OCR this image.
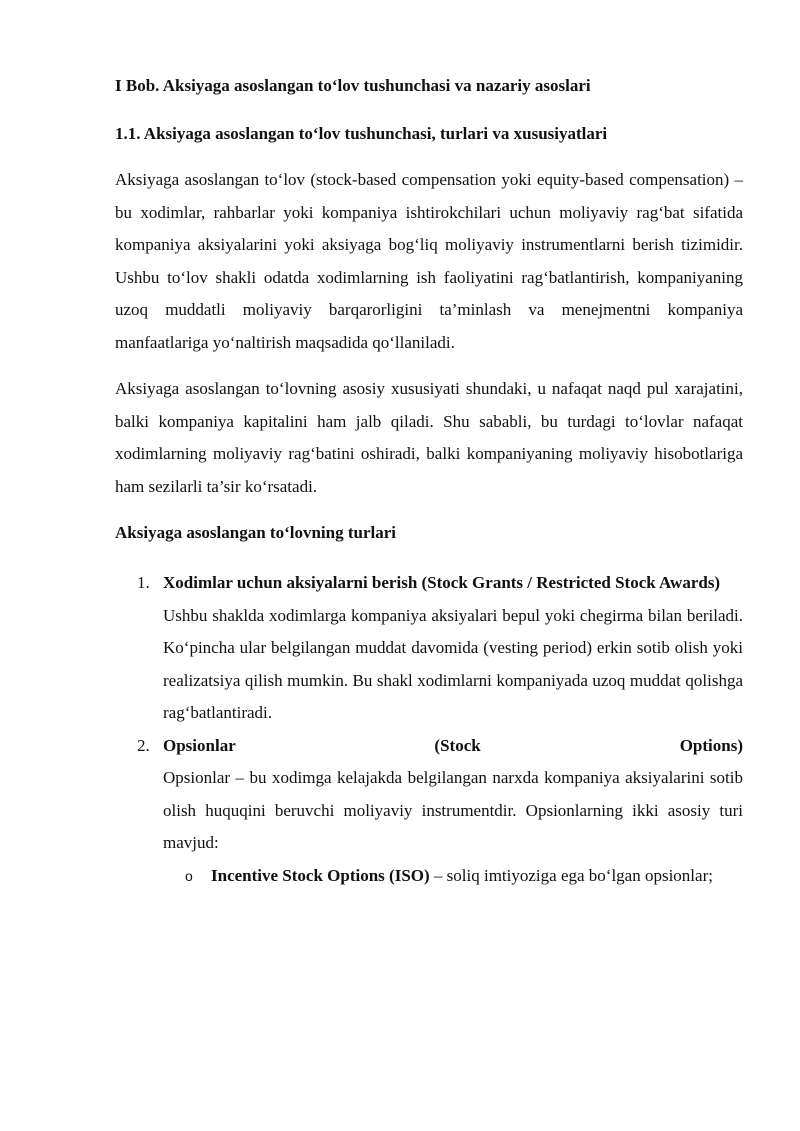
I Bob. Aksiyaga asoslangan to‘lov tushunchasi va nazariy asoslari

1.1. Aksiyaga asoslangan to‘lov tushunchasi, turlari va xususiyatlari

Aksiyaga asoslangan to‘lov (stock-based compensation yoki equity-based compensation) – bu xodimlar, rahbarlar yoki kompaniya ishtirokchilari uchun moliyaviy rag‘bat sifatida kompaniya aksiyalarini yoki aksiyaga bog‘liq moliyaviy instrumentlarni berish tizimidir. Ushbu to‘lov shakli odatda xodimlarning ish faoliyatini rag‘batlantirish, kompaniyaning uzoq muddatli moliyaviy barqarorligini ta’minlash va menejmentni kompaniya manfaatlariga yo‘naltirish maqsadida qo‘llaniladi.

Aksiyaga asoslangan to‘lovning asosiy xususiyati shundaki, u nafaqat naqd pul xarajatini, balki kompaniya kapitalini ham jalb qiladi. Shu sababli, bu turdagi to‘lovlar nafaqat xodimlarning moliyaviy rag‘batini oshiradi, balki kompaniyaning moliyaviy hisobotlariga ham sezilarli ta’sir ko‘rsatadi.

Aksiyaga asoslangan to‘lovning turlari

1. Xodimlar uchun aksiyalarni berish (Stock Grants / Restricted Stock Awards)
Ushbu shaklda xodimlarga kompaniya aksiyalari bepul yoki chegirma bilan beriladi. Ko‘pincha ular belgilangan muddat davomida (vesting period) erkin sotib olish yoki realizatsiya qilish mumkin. Bu shakl xodimlarni kompaniyada uzoq muddat qolishga rag‘batlantiradi.
2. Opsionlar (Stock Options)
Opsionlar – bu xodimga kelajakda belgilangan narxda kompaniya aksiyalarini sotib olish huquqini beruvchi moliyaviy instrumentdir. Opsionlarning ikki asosiy turi mavjud:
o Incentive Stock Options (ISO) – soliq imtiyoziga ega bo‘lgan opsionlar;
